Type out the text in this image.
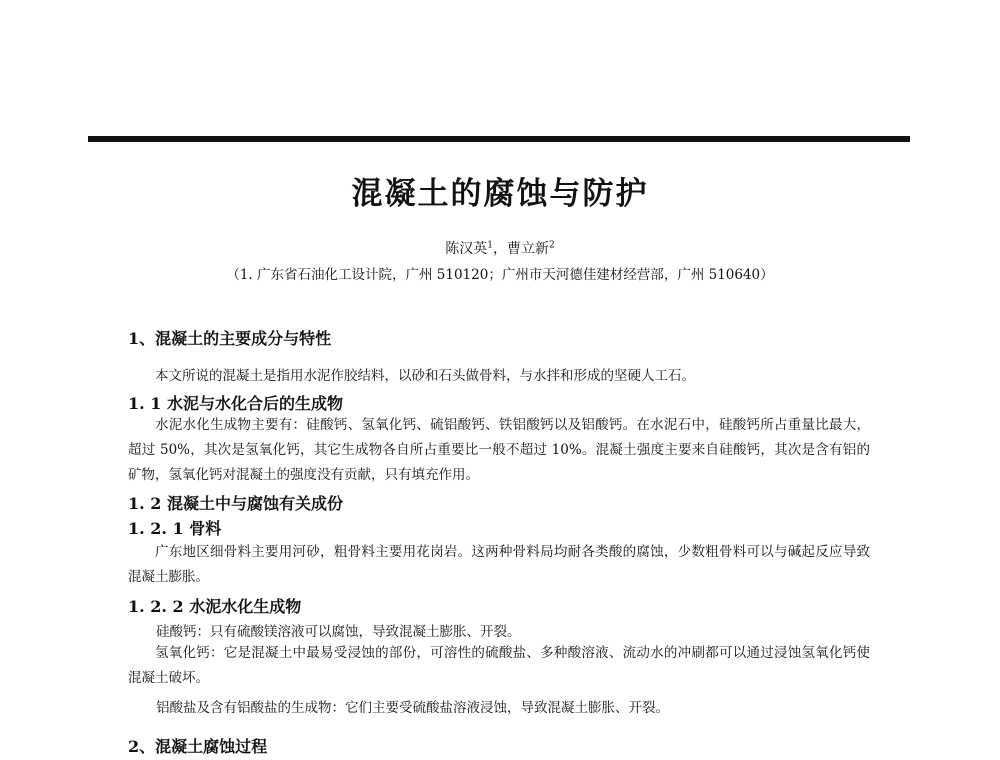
混凝土的腐蚀与防护
陈汉英$^1$，曹立新$^2$
（1. 广东省石油化工设计院，广州 510120；广州市天河德佳建材经营部，广州 510640）
1、混凝土的主要成分与特性

本文所说的混凝土是指用水泥作胶结料，以砂和石头做骨料，与水拌和形成的坚硬人工石。

1. 1 水泥与水化合后的生成物

水泥水化生成物主要有：硅酸钙、氢氧化钙、硫铝酸钙、铁铝酸钙以及铝酸钙。在水泥石中，硅酸钙所占重量比最大，超过 50%，其次是氢氧化钙，其它生成物各自所占重要比一般不超过 10%。混凝土强度主要来自硅酸钙，其次是含有铝的矿物，氢氧化钙对混凝土的强度没有贡献，只有填充作用。

1. 2 混凝土中与腐蚀有关成份
1. 2. 1 骨料

广东地区细骨料主要用河砂，粗骨料主要用花岗岩。这两种骨料局均耐各类酸的腐蚀，少数粗骨料可以与碱起反应导致混凝土膨胀。

1. 2. 2 水泥水化生成物
硅酸钙：只有硫酸镁溶液可以腐蚀，导致混凝土膨胀、开裂。

氢氧化钙：它是混凝土中最易受浸蚀的部份，可溶性的硫酸盐、多种酸溶液、流动水的冲刷都可以通过浸蚀氢氧化钙使混凝土破坏。

铝酸盐及含有铝酸盐的生成物：它们主要受硫酸盐溶液浸蚀，导致混凝土膨胀、开裂。
2、混凝土腐蚀过程
